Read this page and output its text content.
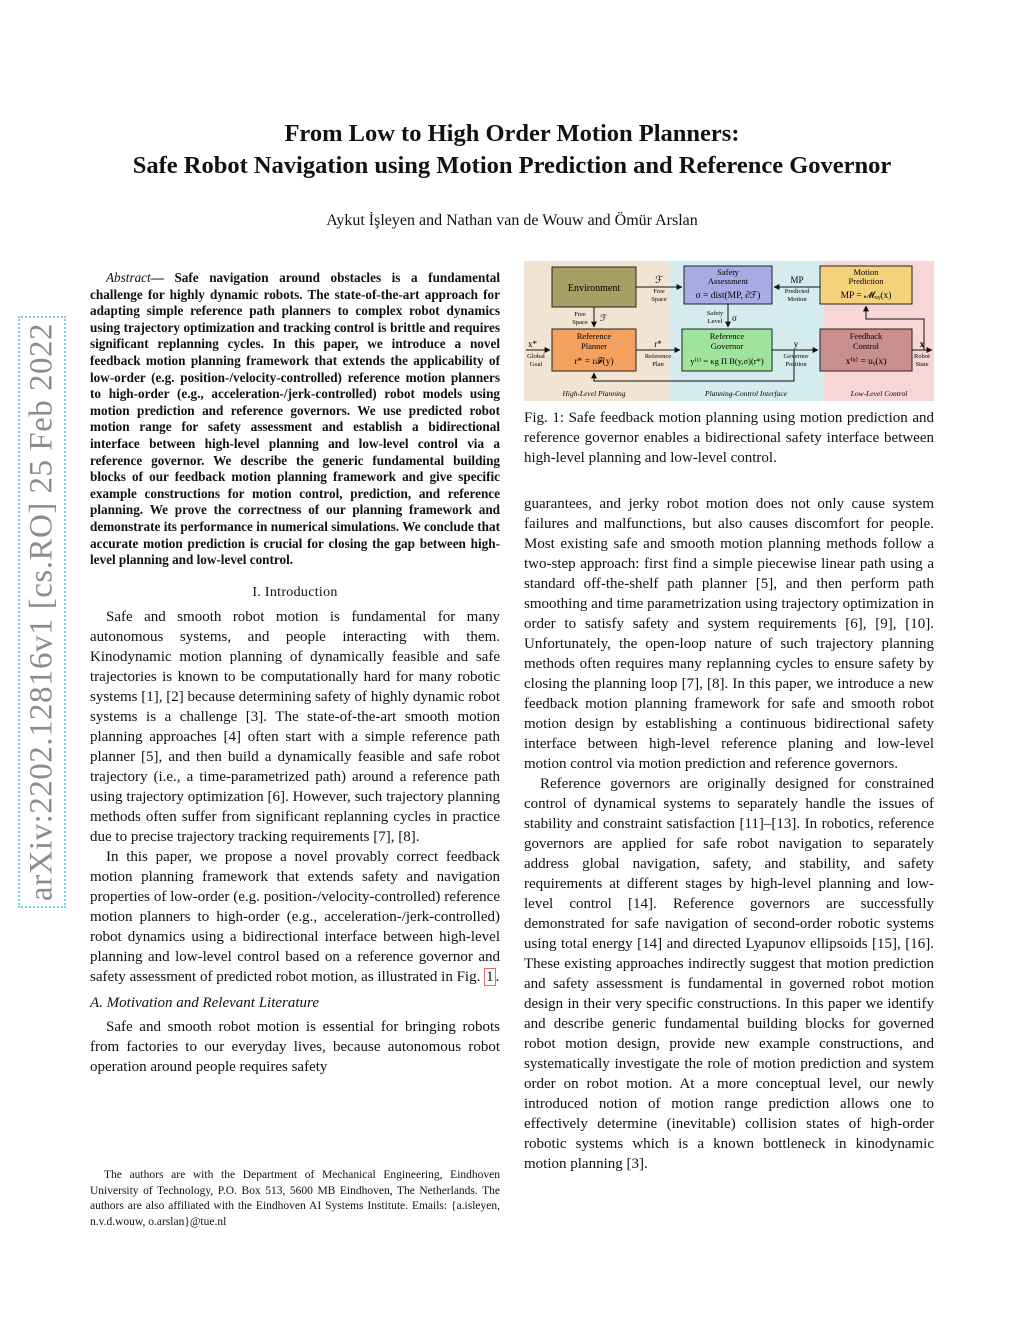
arXiv:2202.12816v1 [cs.RO] 25 Feb 2022
From Low to High Order Motion Planners:
Safe Robot Navigation using Motion Prediction and Reference Governor
Aykut İşleyen and Nathan van de Wouw and Ömür Arslan

Abstract— Safe navigation around obstacles is a fundamental challenge for highly dynamic robots. The state-of-the-art approach for adapting simple reference path planners to complex robot dynamics using trajectory optimization and tracking control is brittle and requires significant replanning cycles. In this paper, we introduce a novel feedback motion planning framework that extends the applicability of low-order (e.g. position-/velocity-controlled) reference motion planners to high-order (e.g., acceleration-/jerk-controlled) robot models using motion prediction and reference governors. We use predicted robot motion range for safety assessment and establish a bidirectional interface between high-level planning and low-level control via a reference governor. We describe the generic fundamental building blocks of our feedback motion planning framework and give specific example constructions for motion control, prediction, and reference planning. We prove the correctness of our planning framework and demonstrate its performance in numerical simulations. We conclude that accurate motion prediction is crucial for closing the gap between high-level planning and low-level control.

I. Introduction

Safe and smooth robot motion is fundamental for many autonomous systems, and people interacting with them. Kinodynamic motion planning of dynamically feasible and safe trajectories is known to be computationally hard for many robotic systems [1], [2] because determining safety of highly dynamic robot systems is a challenge [3]. The state-of-the-art smooth motion planning approaches [4] often start with a simple reference path planner [5], and then build a dynamically feasible and safe robot trajectory (i.e., a time-parametrized path) around a reference path using trajectory optimization [6]. However, such trajectory planning methods often suffer from significant replanning cycles in practice due to precise trajectory tracking requirements [7], [8].

In this paper, we propose a novel provably correct feedback motion planning framework that extends safety and navigation properties of low-order (e.g. position-/velocity-controlled) reference motion planners to high-order (e.g., acceleration-/jerk-controlled) robot dynamics using a bidirectional interface between high-level planning and low-level control based on a reference governor and safety assessment of predicted robot motion, as illustrated in Fig. 1 .

A. Motivation and Relevant Literature

Safe and smooth robot motion is essential for bringing robots from factories to our everyday lives, because autonomous robot operation around people requires safety

The authors are with the Department of Mechanical Engineering, Eindhoven University of Technology, P.O. Box 513, 5600 MB Eindhoven, The Netherlands. The authors are also affiliated with the Eindhoven AI Systems Institute. Emails: {a.isleyen, n.v.d.wouw, o.arslan}@tue.nl

Environment
Safety
Assessment
σ = dist(MP, ∂ℱ)
Motion
Prediction
MP = 𝓜ᵤᵧ(x)
Reference
Planner
r* = r𝓕(y)
Reference
Governor
y⁽¹⁾ = κg Π B(y,σ)(r*)
Feedback
Control
x⁽ⁿ⁾ = uᵧ(x)
ℱ
Free
Space
MP
Predicted
Motion
Free
Space ℱ	Safety
Level σ
x*
Global
Goal
r*
Reference
Plan
y
Governor
Position
x
Robot
State
High-Level Planning	Planning-Control Interface	Low-Level Control
Fig. 1: Safe feedback motion planning using motion prediction and reference governor enables a bidirectional safety interface between high-level planning and low-level control.

guarantees, and jerky robot motion does not only cause system failures and malfunctions, but also causes discomfort for people. Most existing safe and smooth motion planning methods follow a two-step approach: first find a simple piecewise linear path using a standard off-the-shelf path planner [5], and then perform path smoothing and time parametrization using trajectory optimization in order to satisfy safety and system requirements [6], [9], [10]. Unfortunately, the open-loop nature of such trajectory planning methods often requires many replanning cycles to ensure safety by closing the planning loop [7], [8]. In this paper, we introduce a new feedback motion planning framework for safe and smooth robot motion design by establishing a continuous bidirectional safety interface between high-level reference planing and low-level motion control via motion prediction and reference governors.

Reference governors are originally designed for constrained control of dynamical systems to separately handle the issues of stability and constraint satisfaction [11]–[13]. In robotics, reference governors are applied for safe robot navigation to separately address global navigation, safety, and stability, and safety requirements at different stages by high-level planning and low-level control [14]. Reference governors are successfully demonstrated for safe navigation of second-order robotic systems using total energy [14] and directed Lyapunov ellipsoids [15], [16]. These existing approaches indirectly suggest that motion prediction and safety assessment is fundamental in governed robot motion design in their very specific constructions. In this paper we identify and describe generic fundamental building blocks for governed robot motion design, provide new example constructions, and systematically investigate the role of motion prediction and system order on robot motion. At a more conceptual level, our newly introduced notion of motion range prediction allows one to effectively determine (inevitable) collision states of high-order robotic systems which is a known bottleneck in kinodynamic motion planning [3].
